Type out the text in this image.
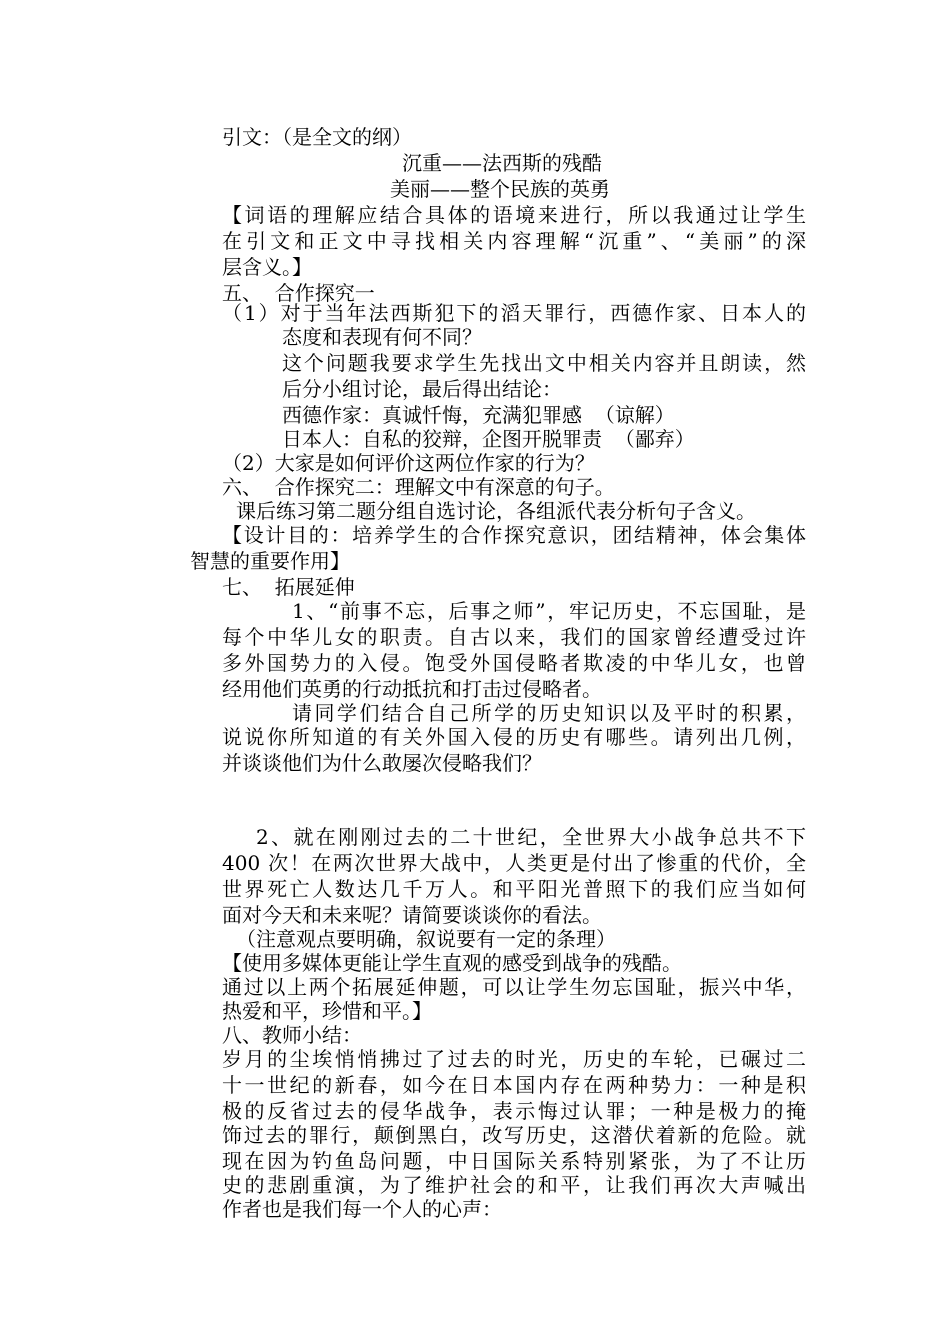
引文：（是全文的纲）
沉重——法西斯的残酷
美丽——整个民族的英勇
【词语的理解应结合具体的语境来进行，所以我通过让学生
在引文和正文中寻找相关内容理解“沉重”、“美丽”的深
层含义。】
五、  合作探究一
（1）对于当年法西斯犯下的滔天罪行，西德作家、日本人的
态度和表现有何不同？
这个问题我要求学生先找出文中相关内容并且朗读，然
后分小组讨论，最后得出结论：
西德作家：真诚忏悔，充满犯罪感  （谅解）
日本人：自私的狡辩，企图开脱罪责  （鄙弃）
（2）大家是如何评价这两位作家的行为？
六、  合作探究二：理解文中有深意的句子。
课后练习第二题分组自选讨论，各组派代表分析句子含义。
【设计目的：培养学生的合作探究意识，团结精神，体会集体
智慧的重要作用】
七、  拓展延伸
1、“前事不忘，后事之师”，牢记历史，不忘国耻，是
每个中华儿女的职责。自古以来，我们的国家曾经遭受过许
多外国势力的入侵。饱受外国侵略者欺凌的中华儿女，也曾
经用他们英勇的行动抵抗和打击过侵略者。
请同学们结合自己所学的历史知识以及平时的积累，
说说你所知道的有关外国入侵的历史有哪些。请列出几例，
并谈谈他们为什么敢屡次侵略我们？
2、就在刚刚过去的二十世纪，全世界大小战争总共不下
400 次！在两次世界大战中，人类更是付出了惨重的代价，全
世界死亡人数达几千万人。和平阳光普照下的我们应当如何
面对今天和未来呢？请简要谈谈你的看法。
（注意观点要明确，叙说要有一定的条理）
【使用多媒体更能让学生直观的感受到战争的残酷。
通过以上两个拓展延伸题，可以让学生勿忘国耻，振兴中华，
热爱和平，珍惜和平。】
八、教师小结：
岁月的尘埃悄悄拂过了过去的时光，历史的车轮，已碾过二
十一世纪的新春，如今在日本国内存在两种势力：一种是积
极的反省过去的侵华战争，表示悔过认罪；一种是极力的掩
饰过去的罪行，颠倒黑白，改写历史，这潜伏着新的危险。就
现在因为钓鱼岛问题，中日国际关系特别紧张，为了不让历
史的悲剧重演，为了维护社会的和平，让我们再次大声喊出
作者也是我们每一个人的心声：
